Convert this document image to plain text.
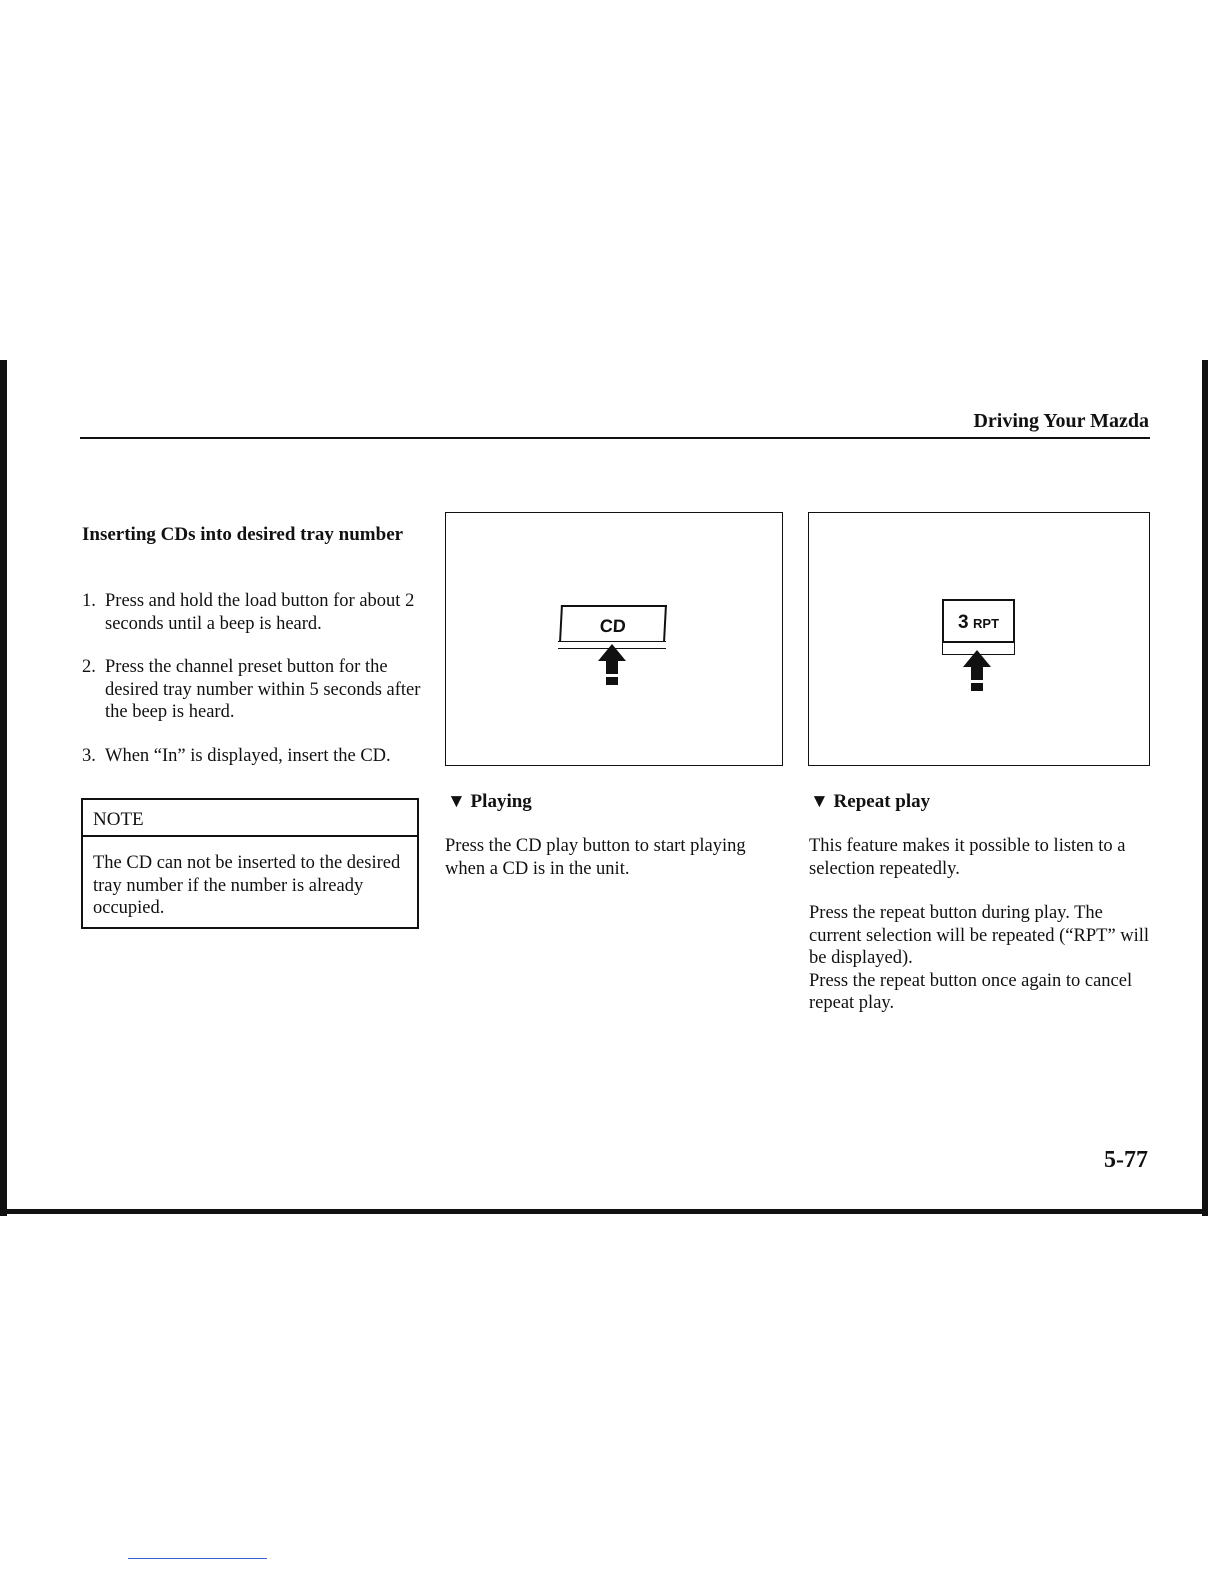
Driving Your Mazda
Inserting CDs into desired tray number
1. Press and hold the load button for about 2 seconds until a beep is heard.
2. Press the channel preset button for the desired tray number within 5 seconds after the beep is heard.
3. When “In” is displayed, insert the CD.
NOTE
The CD can not be inserted to the desired tray number if the number is already occupied.
CD	3 RPT
▼ Playing
Press the CD play button to start playing when a CD is in the unit.
▼ Repeat play
This feature makes it possible to listen to a selection repeatedly.
Press the repeat button during play. The current selection will be repeated (“RPT” will be displayed).
Press the repeat button once again to cancel repeat play.
5-77
